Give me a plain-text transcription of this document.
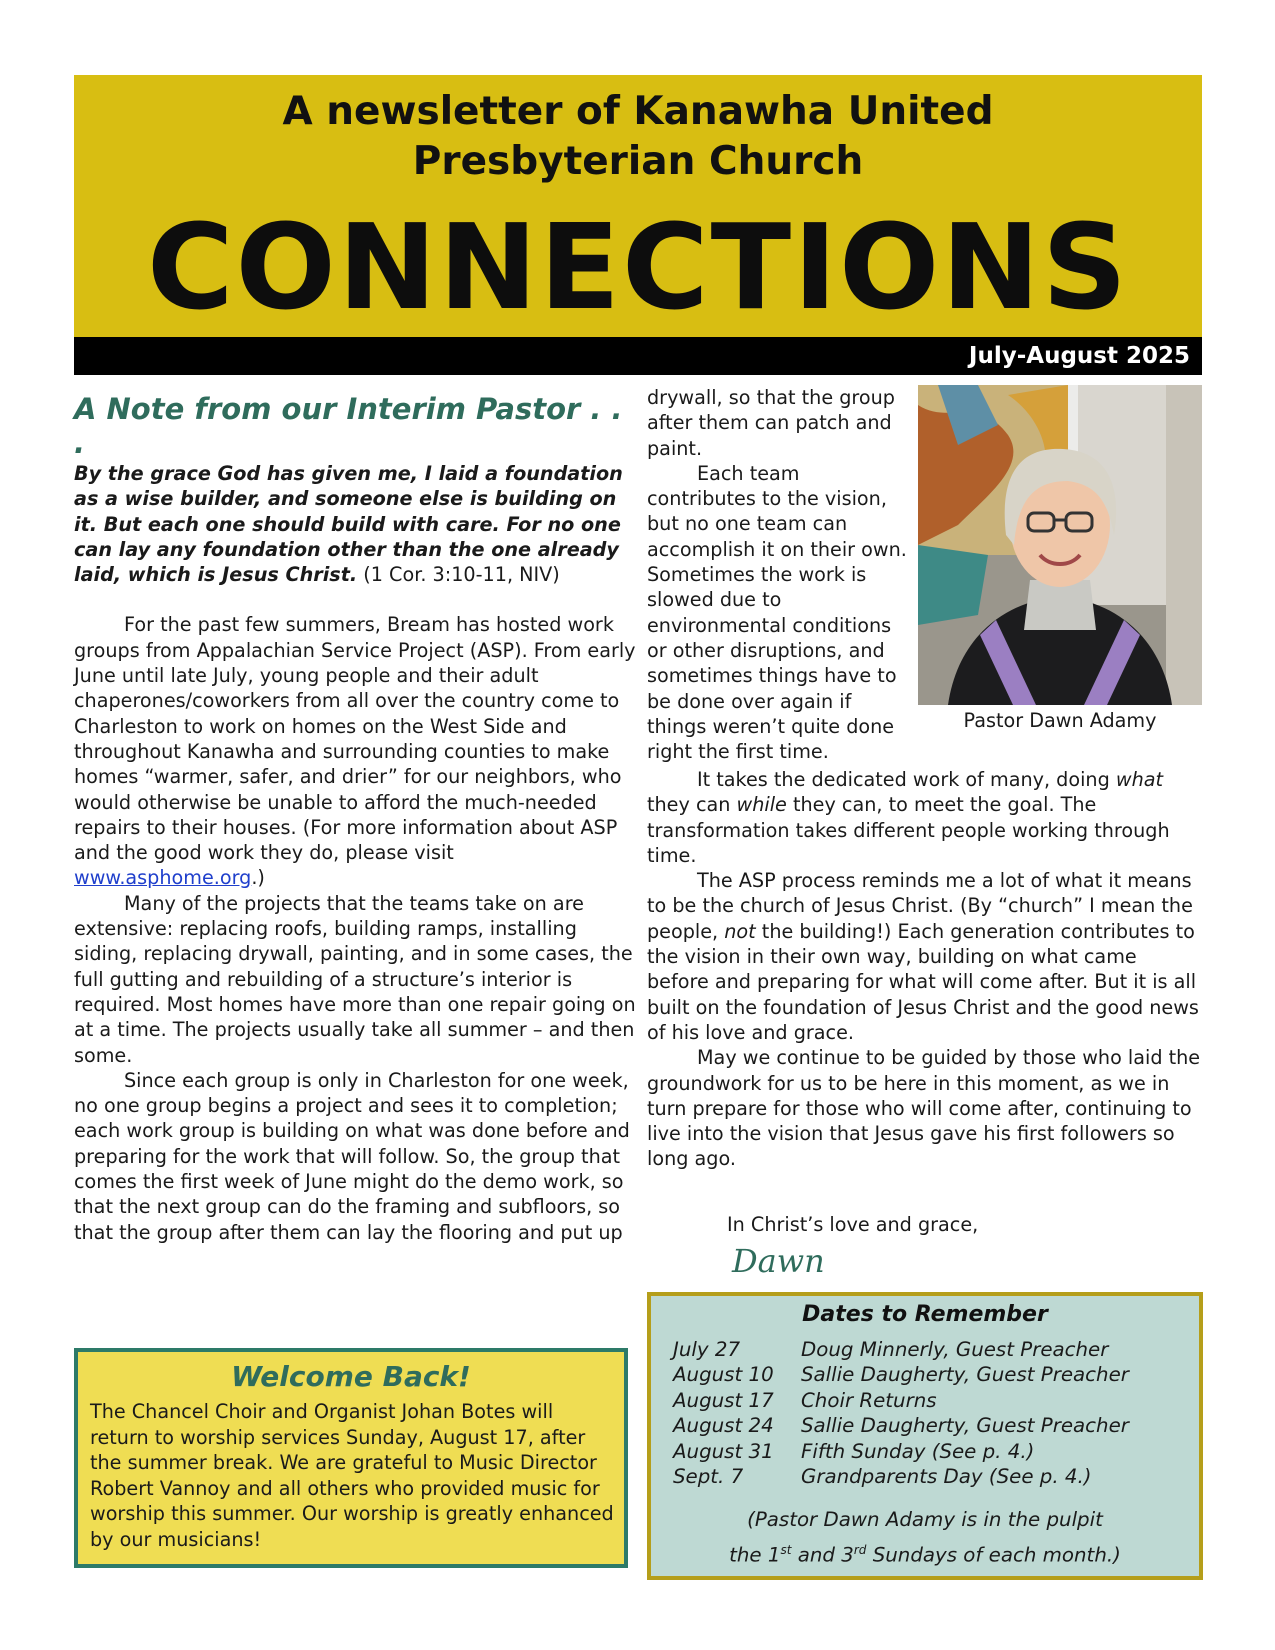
A newsletter of Kanawha United
Presbyterian Church
CONNECTIONS
July-August 2025
A Note from our Interim Pastor . . .

By the grace God has given me, I laid a foundation as a wise builder, and someone else is building on it. But each one should build with care. For no one can lay any foundation other than the one already laid, which is Jesus Christ. (1 Cor. 3:10-11, NIV)

For the past few summers, Bream has hosted work groups from Appalachian Service Project (ASP). From early June until late July, young people and their adult chaperones/coworkers from all over the country come to Charleston to work on homes on the West Side and throughout Kanawha and surrounding counties to make homes “warmer, safer, and drier” for our neighbors, who would otherwise be unable to afford the much-needed repairs to their houses. (For more information about ASP and the good work they do, please visit www.asphome.org.)

Many of the projects that the teams take on are extensive: replacing roofs, building ramps, installing siding, replacing drywall, painting, and in some cases, the full gutting and rebuilding of a structure’s interior is required. Most homes have more than one repair going on at a time. The projects usually take all summer – and then some.

Since each group is only in Charleston for one week, no one group begins a project and sees it to completion; each work group is building on what was done before and preparing for the work that will follow. So, the group that comes the first week of June might do the demo work, so that the next group can do the framing and subfloors, so that the group after them can lay the flooring and put up

drywall, so that the group after them can patch and paint.

Each team contributes to the vision, but no one team can accomplish it on their own. Sometimes the work is slowed due to environmental conditions or other disruptions, and sometimes things have to be done over again if things weren’t quite done right the first time.

Pastor Dawn Adamy

It takes the dedicated work of many, doing what they can while they can, to meet the goal. The transformation takes different people working through time.

The ASP process reminds me a lot of what it means to be the church of Jesus Christ. (By “church” I mean the people, not the building!) Each generation contributes to the vision in their own way, building on what came before and preparing for what will come after. But it is all built on the foundation of Jesus Christ and the good news of his love and grace.

May we continue to be guided by those who laid the groundwork for us to be here in this moment, as we in turn prepare for those who will come after, continuing to live into the vision that Jesus gave his first followers so long ago.

In Christ’s love and grace,
Dawn
Welcome Back!

The Chancel Choir and Organist Johan Botes will return to worship services Sunday, August 17, after the summer break. We are grateful to Music Director Robert Vannoy and all others who provided music for worship this summer. Our worship is greatly enhanced by our musicians!

Dates to Remember
July 27	Doug Minnerly, Guest Preacher
August 10 Sallie Daugherty, Guest Preacher
August 17 Choir Returns
August 24 Sallie Daugherty, Guest Preacher
August 31 Fifth Sunday (See p. 4.)
Sept. 7	Grandparents Day (See p. 4.)
(Pastor Dawn Adamy is in the pulpit
the 1st and 3rd Sundays of each month.)
